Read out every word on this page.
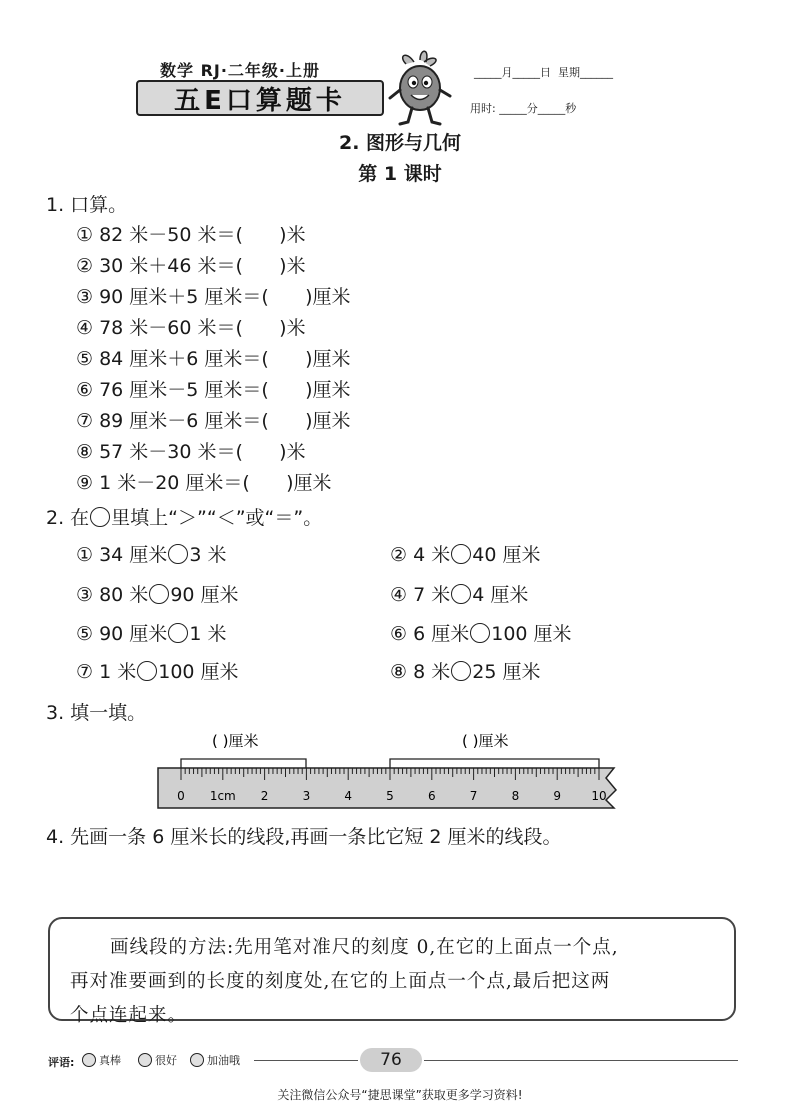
数学 RJ·二年级·上册
五E口算题卡
_____月_____日  星期______
用时: _____分_____秒
2. 图形与几何
第 1 课时
1. 口算。
① 82 米－50 米＝(      )米
② 30 米＋46 米＝(      )米
③ 90 厘米＋5 厘米＝(      )厘米
④ 78 米－60 米＝(      )米
⑤ 84 厘米＋6 厘米＝(      )厘米
⑥ 76 厘米－5 厘米＝(      )厘米
⑦ 89 厘米－6 厘米＝(      )厘米
⑧ 57 米－30 米＝(      )米
⑨ 1 米－20 厘米＝(      )厘米
2. 在 里填上“＞”“＜”或“＝”。
① 34 厘米 3 米	② 4 米 40 厘米
③ 80 米 90 厘米	④ 7 米 4 厘米
⑤ 90 厘米 1 米	⑥ 6 厘米 100 厘米
⑦ 1 米 100 厘米	⑧ 8 米 25 厘米
3. 填一填。
( )厘米	( )厘米
0 1cm 2	3	4	5	6	7	8	9	10
4. 先画一条 6 厘米长的线段,再画一条比它短 2 厘米的线段。
画线段的方法:先用笔对准尺的刻度 0,在它的上面点一个点,
再对准要画到的长度的刻度处,在它的上面点一个点,最后把这两
个点连起来。
评语: 真棒	很好	加油哦	76
关注微信公众号“捷思课堂”获取更多学习资料!
